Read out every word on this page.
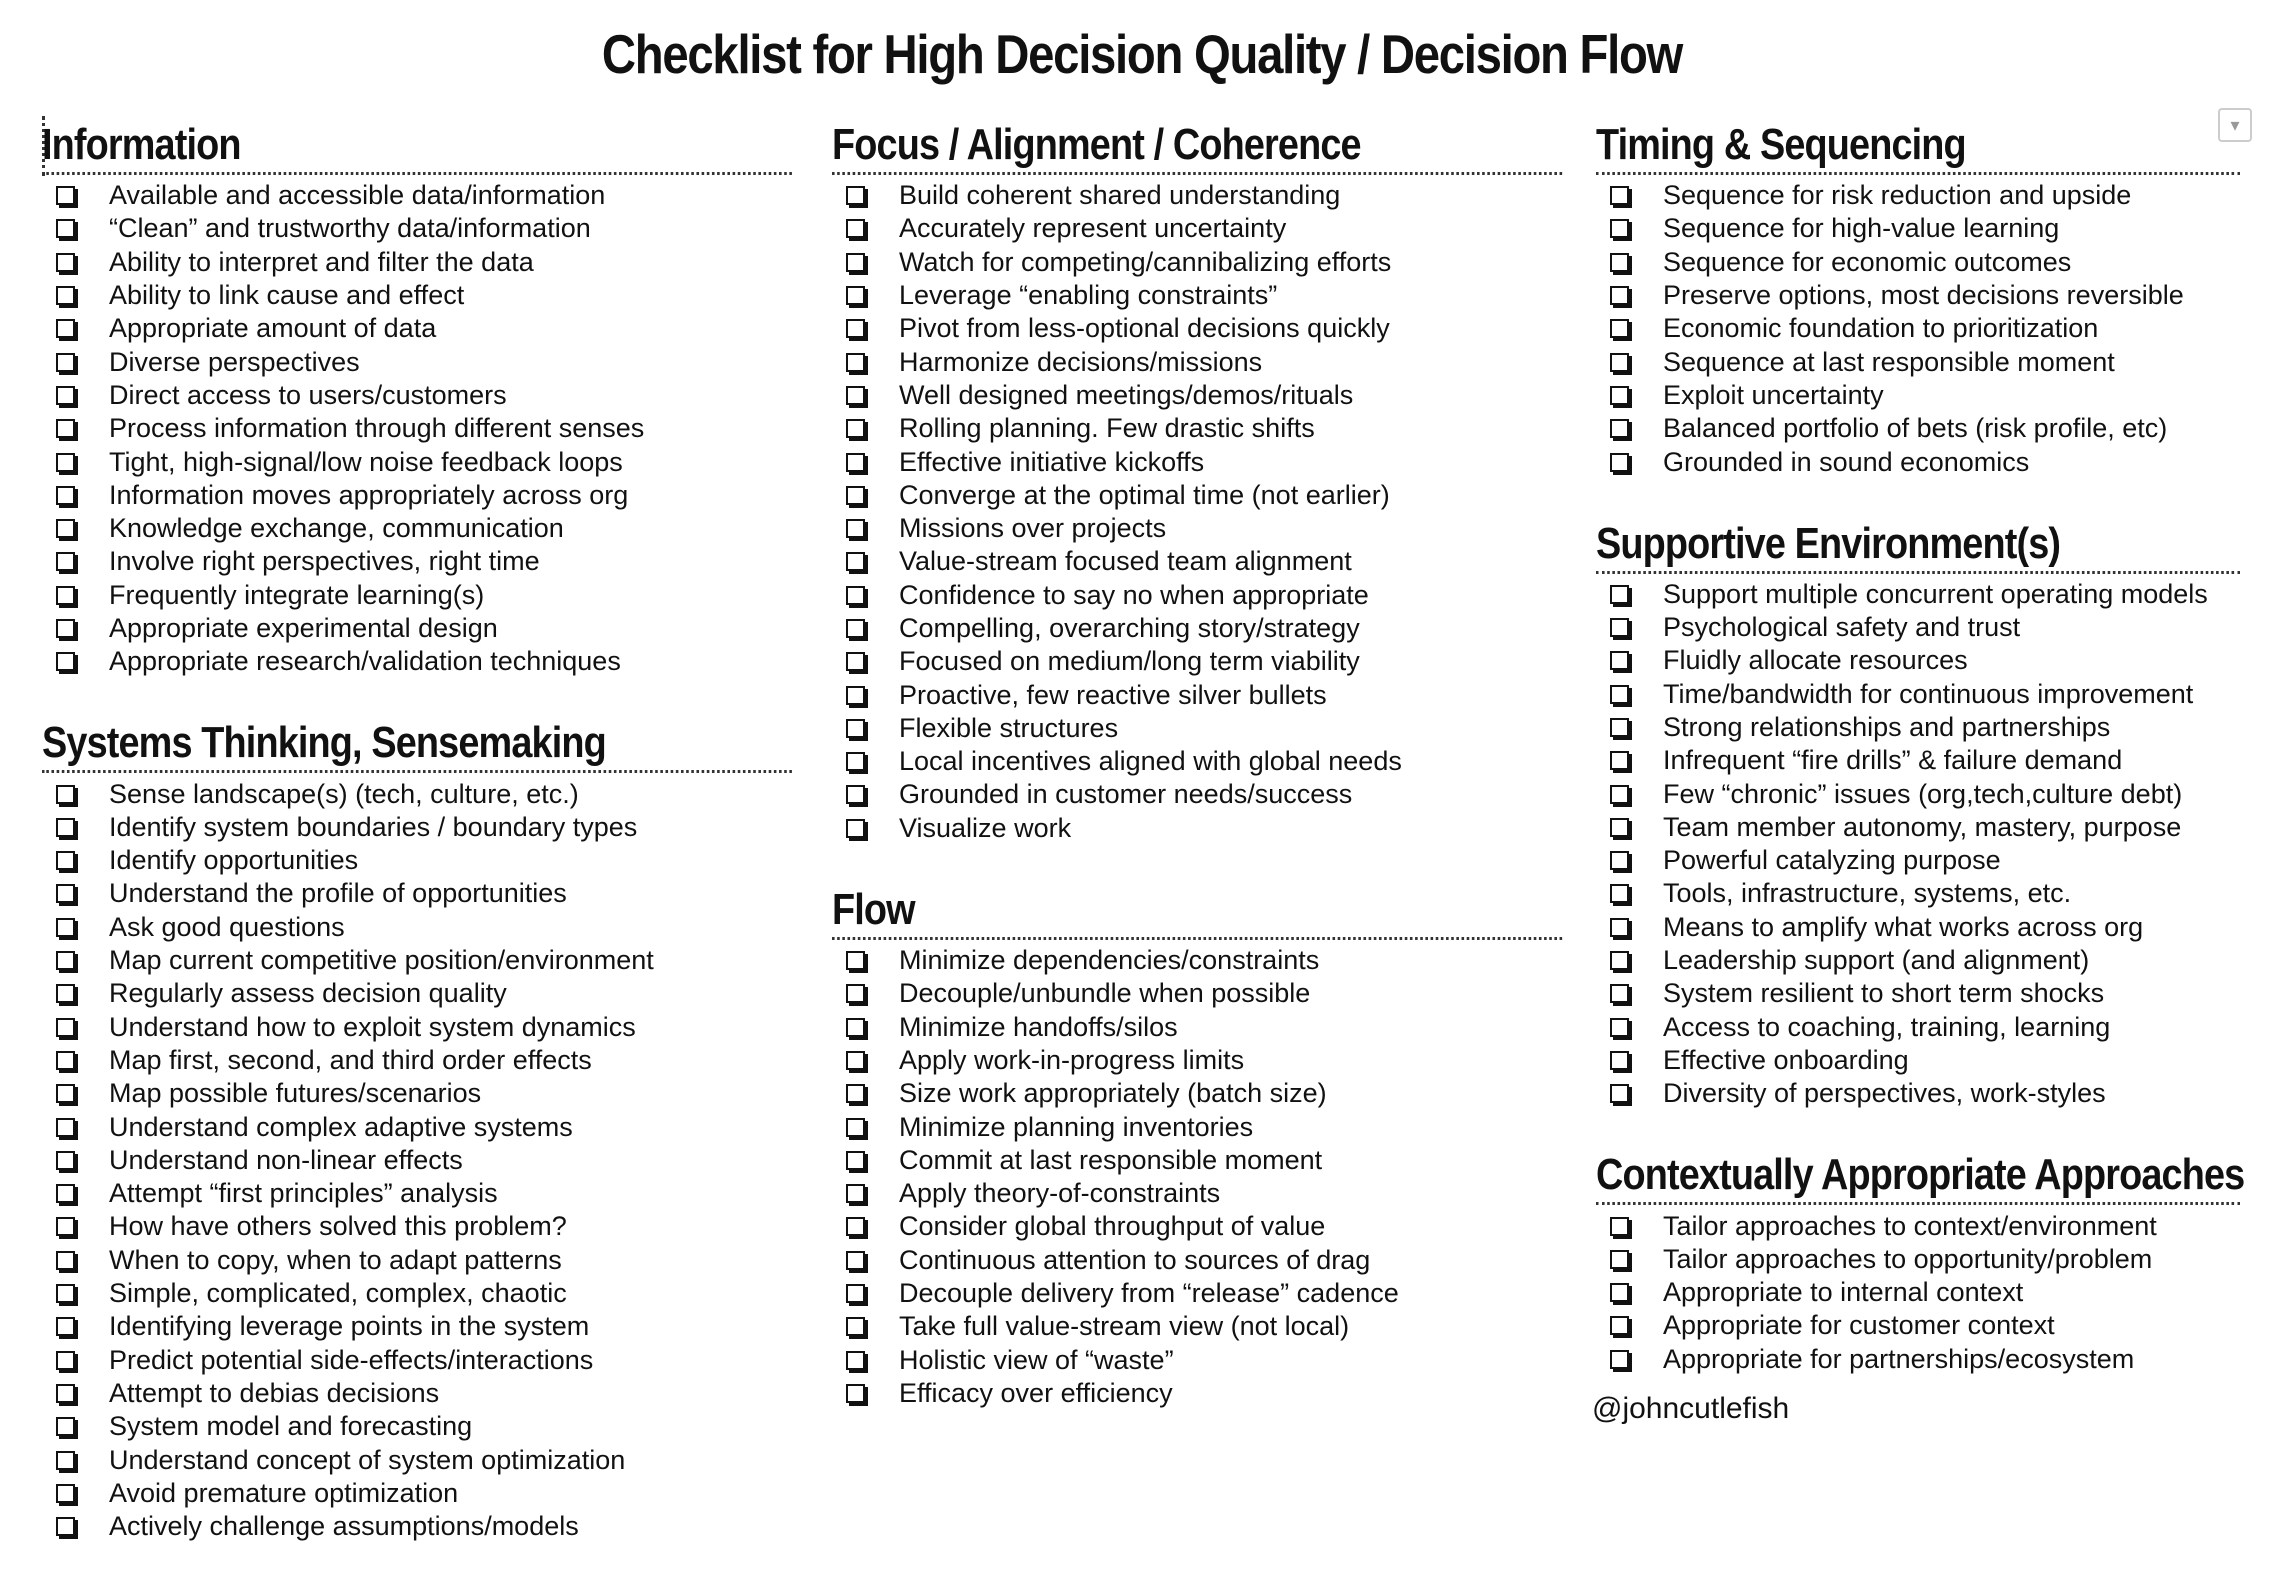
Checklist for High Decision Quality / Decision Flow
▾
Information
Available and accessible data/information
“Clean” and trustworthy data/information
Ability to interpret and filter the data
Ability to link cause and effect
Appropriate amount of data
Diverse perspectives
Direct access to users/customers
Process information through different senses
Tight, high-signal/low noise feedback loops
Information moves appropriately across org
Knowledge exchange, communication
Involve right perspectives, right time
Frequently integrate learning(s)
Appropriate experimental design
Appropriate research/validation techniques
Systems Thinking, Sensemaking
Sense landscape(s) (tech, culture, etc.)
Identify system boundaries / boundary types
Identify opportunities
Understand the profile of opportunities
Ask good questions
Map current competitive position/environment
Regularly assess decision quality
Understand how to exploit system dynamics
Map first, second, and third order effects
Map possible futures/scenarios
Understand complex adaptive systems
Understand non-linear effects
Attempt “first principles” analysis
How have others solved this problem?
When to copy, when to adapt patterns
Simple, complicated, complex, chaotic
Identifying leverage points in the system
Predict potential side-effects/interactions
Attempt to debias decisions
System model and forecasting
Understand concept of system optimization
Avoid premature optimization
Actively challenge assumptions/models
Focus / Alignment / Coherence
Build coherent shared understanding
Accurately represent uncertainty
Watch for competing/cannibalizing efforts
Leverage “enabling constraints”
Pivot from less-optional decisions quickly
Harmonize decisions/missions
Well designed meetings/demos/rituals
Rolling planning. Few drastic shifts
Effective initiative kickoffs
Converge at the optimal time (not earlier)
Missions over projects
Value-stream focused team alignment
Confidence to say no when appropriate
Compelling, overarching story/strategy
Focused on medium/long term viability
Proactive, few reactive silver bullets
Flexible structures
Local incentives aligned with global needs
Grounded in customer needs/success
Visualize work
Flow
Minimize dependencies/constraints
Decouple/unbundle when possible
Minimize handoffs/silos
Apply work-in-progress limits
Size work appropriately (batch size)
Minimize planning inventories
Commit at last responsible moment
Apply theory-of-constraints
Consider global throughput of value
Continuous attention to sources of drag
Decouple delivery from “release” cadence
Take full value-stream view (not local)
Holistic view of “waste”
Efficacy over efficiency
Timing & Sequencing
Sequence for risk reduction and upside
Sequence for high-value learning
Sequence for economic outcomes
Preserve options, most decisions reversible
Economic foundation to prioritization
Sequence at last responsible moment
Exploit uncertainty
Balanced portfolio of bets (risk profile, etc)
Grounded in sound economics
Supportive Environment(s)
Support multiple concurrent operating models
Psychological safety and trust
Fluidly allocate resources
Time/bandwidth for continuous improvement
Strong relationships and partnerships
Infrequent “fire drills” & failure demand
Few “chronic” issues (org,tech,culture debt)
Team member autonomy, mastery, purpose
Powerful catalyzing purpose
Tools, infrastructure, systems, etc.
Means to amplify what works across org
Leadership support (and alignment)
System resilient to short term shocks
Access to coaching, training, learning
Effective onboarding
Diversity of perspectives, work-styles
Contextually Appropriate Approaches
Tailor approaches to context/environment
Tailor approaches to opportunity/problem
Appropriate to internal context
Appropriate for customer context
Appropriate for partnerships/ecosystem
@johncutlefish
